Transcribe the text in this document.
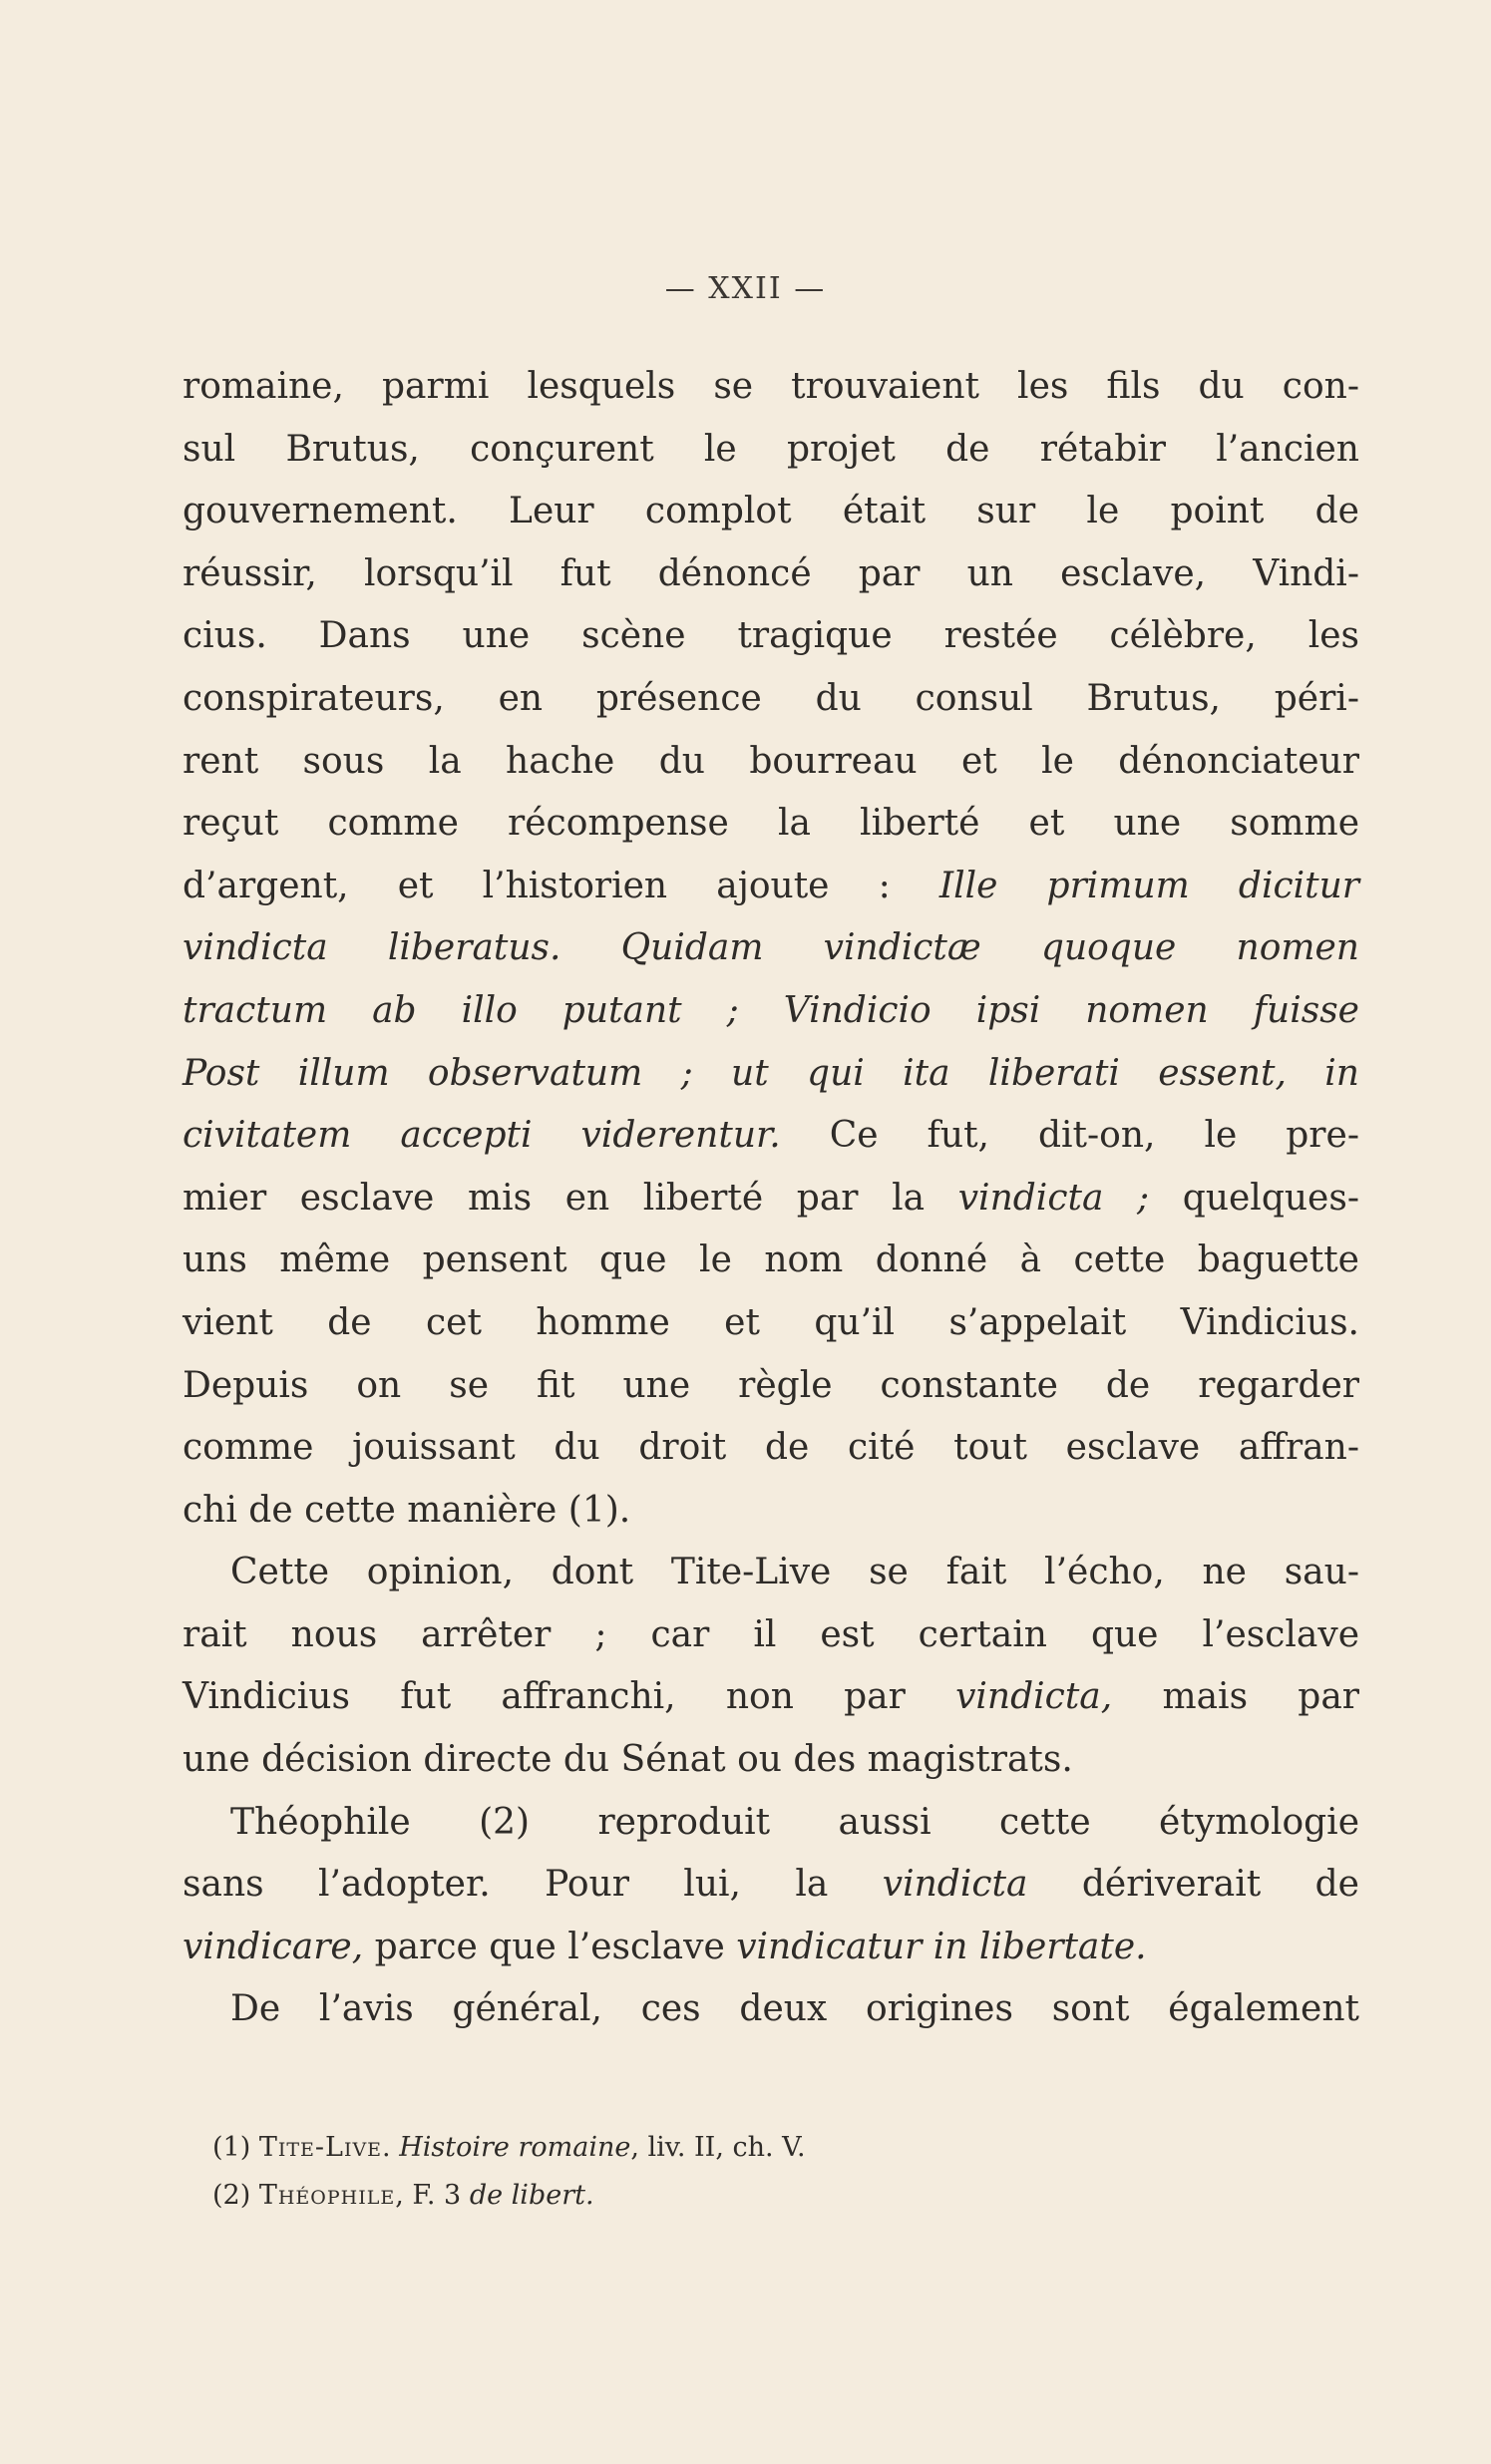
— XXII —
romaine, parmi lesquels se trouvaient les fils du con-
sul Brutus, conçurent le projet de rétabir l’ancien
gouvernement. Leur complot était sur le point de
réussir, lorsqu’il fut dénoncé par un esclave, Vindi-
cius. Dans une scène tragique restée célèbre, les
conspirateurs, en présence du consul Brutus, péri-
rent sous la hache du bourreau et le dénonciateur
reçut comme récompense la liberté et une somme
d’argent, et l’historien ajoute : Ille primum dicitur
vindicta liberatus. Quidam vindictæ quoque nomen
tractum ab illo putant ; Vindicio ipsi nomen fuisse
Post illum observatum ; ut qui ita liberati essent, in
civitatem accepti viderentur. Ce fut, dit-on, le pre-
mier esclave mis en liberté par la vindicta ; quelques-
uns même pensent que le nom donné à cette baguette
vient de cet homme et qu’il s’appelait Vindicius.
Depuis on se fit une règle constante de regarder
comme jouissant du droit de cité tout esclave affran-
chi de cette manière (1).
Cette opinion, dont Tite-Live se fait l’écho, ne sau-
rait nous arrêter ; car il est certain que l’esclave
Vindicius fut affranchi, non par vindicta, mais par
une décision directe du Sénat ou des magistrats.
Théophile (2) reproduit aussi cette étymologie
sans l’adopter. Pour lui, la vindicta dériverait de
vindicare, parce que l’esclave vindicatur in libertate.
De l’avis général, ces deux origines sont également
(1) Tite-Live. Histoire romaine, liv. II, ch. V.
(2) Théophile, F. 3 de libert.
